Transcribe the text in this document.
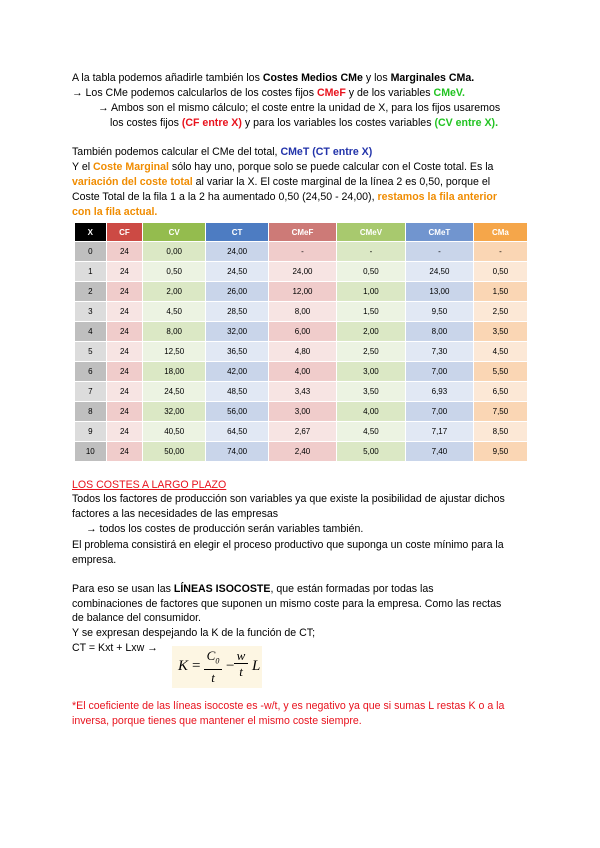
A la tabla podemos añadirle también los Costes Medios CMe y los Marginales CMa.
→ Los CMe podemos calcularlos de los costes fijos CMeF y de los variables CMeV.
→ Ambos son el mismo cálculo; el coste entre la unidad de X, para los fijos usaremos
los costes fijos (CF entre X) y para los variables los costes variables (CV entre X).
También podemos calcular el CMe del total, CMeT (CT entre X)
Y el Coste Marginal sólo hay uno, porque solo se puede calcular con el Coste total. Es la
variación del coste total al variar la X. El coste marginal de la línea 2 es 0,50, porque el
Coste Total de la fila 1 a la 2 ha aumentado 0,50 (24,50 - 24,00), restamos la fila anterior
con la fila actual.
X	CF	CV	CT	CMeF	CMeV	CMeT	CMa
0	24	0,00	24,00	-	-	-	-
1	24	0,50	24,50	24,00	0,50	24,50	0,50
2	24	2,00	26,00	12,00	1,00	13,00	1,50
3	24	4,50	28,50	8,00	1,50	9,50	2,50
4	24	8,00	32,00	6,00	2,00	8,00	3,50
5	24	12,50	36,50	4,80	2,50	7,30	4,50
6	24	18,00	42,00	4,00	3,00	7,00	5,50
7	24	24,50	48,50	3,43	3,50	6,93	6,50
8	24	32,00	56,00	3,00	4,00	7,00	7,50
9	24	40,50	64,50	2,67	4,50	7,17	8,50
10	24	50,00	74,00	2,40	5,00	7,40	9,50
LOS COSTES A LARGO PLAZO
Todos los factores de producción son variables ya que existe la posibilidad de ajustar dichos
factores a las necesidades de las empresas
→ todos los costes de producción serán variables también.
El problema consistirá en elegir el proceso productivo que suponga un coste mínimo para la
empresa.
Para eso se usan las LÍNEAS ISOCOSTE, que están formadas por todas las
combinaciones de factores que suponen un mismo coste para la empresa. Como las rectas
de balance del consumidor.
Y se expresan despejando la K de la función de CT;
CT = Kxt + Lxw →
$K = \frac{C_0}{t} - \frac{w}{t}$ L
*El coeficiente de las líneas isocoste es -w/t, y es negativo ya que si sumas L restas K o a la
inversa, porque tienes que mantener el mismo coste siempre.
